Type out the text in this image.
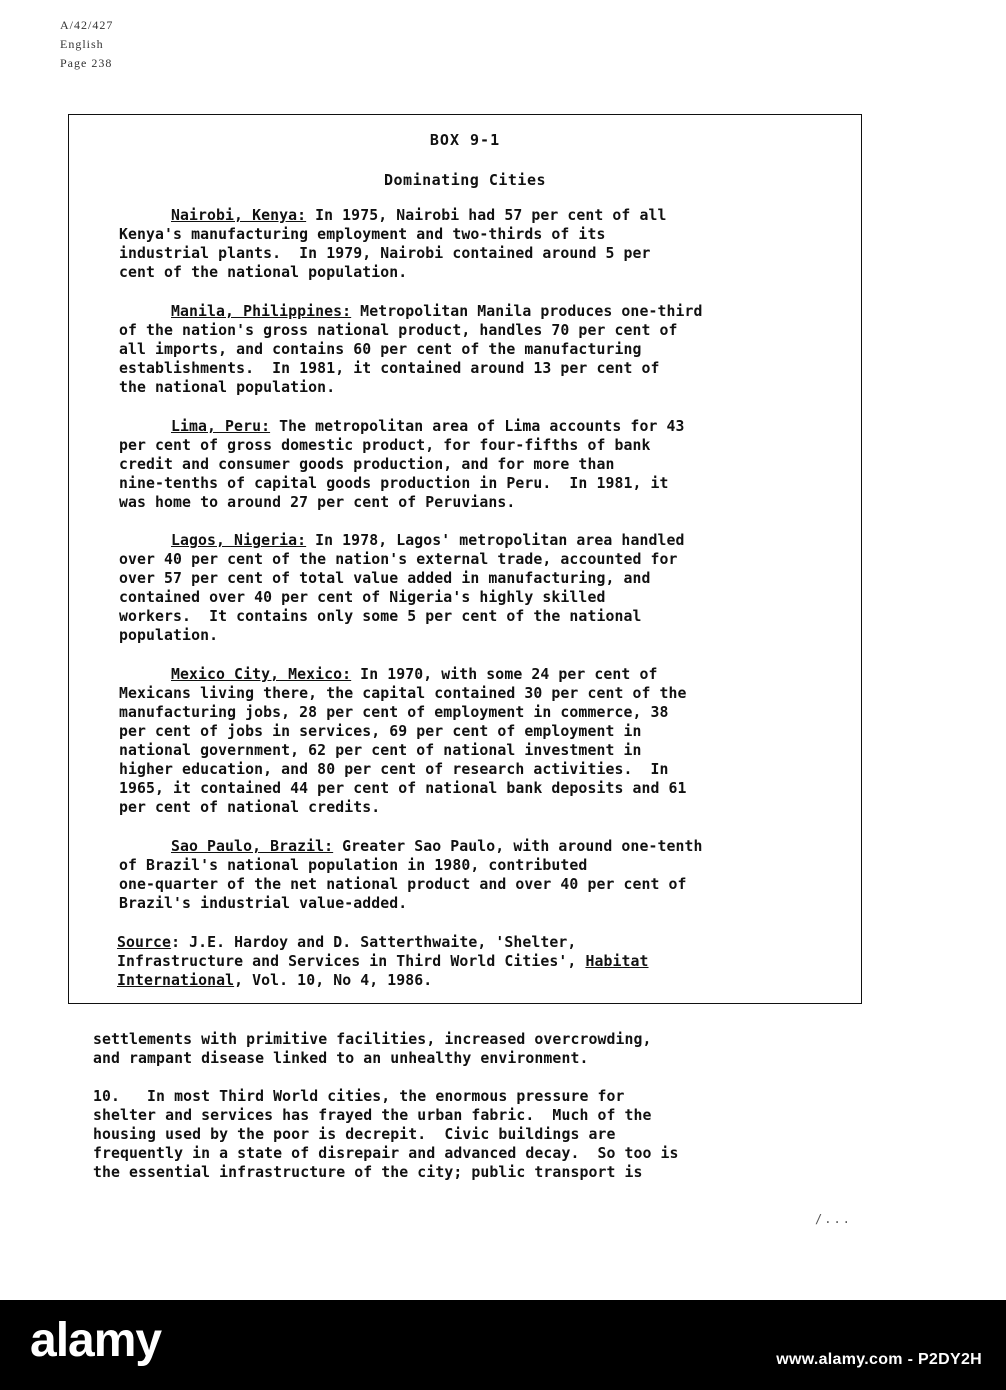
A/42/427
English
Page 238
BOX 9-1
Dominating Cities
Nairobi, Kenya: In 1975, Nairobi had 57 per cent of all
Kenya's manufacturing employment and two-thirds of its
industrial plants.  In 1979, Nairobi contained around 5 per
cent of the national population.
Manila, Philippines: Metropolitan Manila produces one-third
of the nation's gross national product, handles 70 per cent of
all imports, and contains 60 per cent of the manufacturing
establishments.  In 1981, it contained around 13 per cent of
the national population.
Lima, Peru: The metropolitan area of Lima accounts for 43
per cent of gross domestic product, for four-fifths of bank
credit and consumer goods production, and for more than
nine-tenths of capital goods production in Peru.  In 1981, it
was home to around 27 per cent of Peruvians.
Lagos, Nigeria: In 1978, Lagos' metropolitan area handled
over 40 per cent of the nation's external trade, accounted for
over 57 per cent of total value added in manufacturing, and
contained over 40 per cent of Nigeria's highly skilled
workers.  It contains only some 5 per cent of the national
population.
Mexico City, Mexico: In 1970, with some 24 per cent of
Mexicans living there, the capital contained 30 per cent of the
manufacturing jobs, 28 per cent of employment in commerce, 38
per cent of jobs in services, 69 per cent of employment in
national government, 62 per cent of national investment in
higher education, and 80 per cent of research activities.  In
1965, it contained 44 per cent of national bank deposits and 61
per cent of national credits.
Sao Paulo, Brazil: Greater Sao Paulo, with around one-tenth
of Brazil's national population in 1980, contributed
one-quarter of the net national product and over 40 per cent of
Brazil's industrial value-added.
Source: J.E. Hardoy and D. Satterthwaite, 'Shelter,
Infrastructure and Services in Third World Cities', Habitat
International, Vol. 10, No 4, 1986.
settlements with primitive facilities, increased overcrowding,
and rampant disease linked to an unhealthy environment.
10.   In most Third World cities, the enormous pressure for
shelter and services has frayed the urban fabric.  Much of the
housing used by the poor is decrepit.  Civic buildings are
frequently in a state of disrepair and advanced decay.  So too is
the essential infrastructure of the city; public transport is
/...
alamy	www.alamy.com - P2DY2H
